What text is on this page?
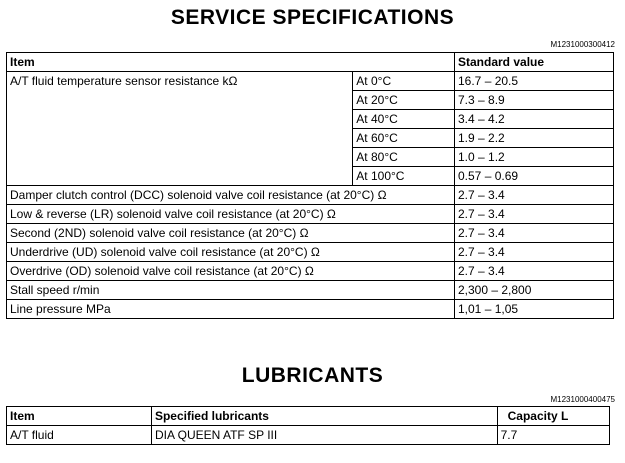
SERVICE SPECIFICATIONS
M1231000300412
Item		Standard value
A/T fluid temperature sensor resistance kΩ	At 0°C	16.7 – 20.5
	At 20°C	7.3 – 8.9
	At 40°C	3.4 – 4.2
	At 60°C	1.9 – 2.2
	At 80°C	1.0 – 1.2
	At 100°C	0.57 – 0.69
Damper clutch control (DCC) solenoid valve coil resistance (at 20°C) Ω		2.7 – 3.4
Low & reverse (LR) solenoid valve coil resistance (at 20°C) Ω		2.7 – 3.4
Second (2ND) solenoid valve coil resistance (at 20°C) Ω		2.7 – 3.4
Underdrive (UD) solenoid valve coil resistance (at 20°C) Ω		2.7 – 3.4
Overdrive (OD) solenoid valve coil resistance (at 20°C) Ω		2.7 – 3.4
Stall speed r/min		2,300 – 2,800
Line pressure MPa		1,01 – 1,05
LUBRICANTS
M1231000400475
Item	Specified lubricants	Capacity L
A/T fluid	DIA QUEEN ATF SP III	7.7
